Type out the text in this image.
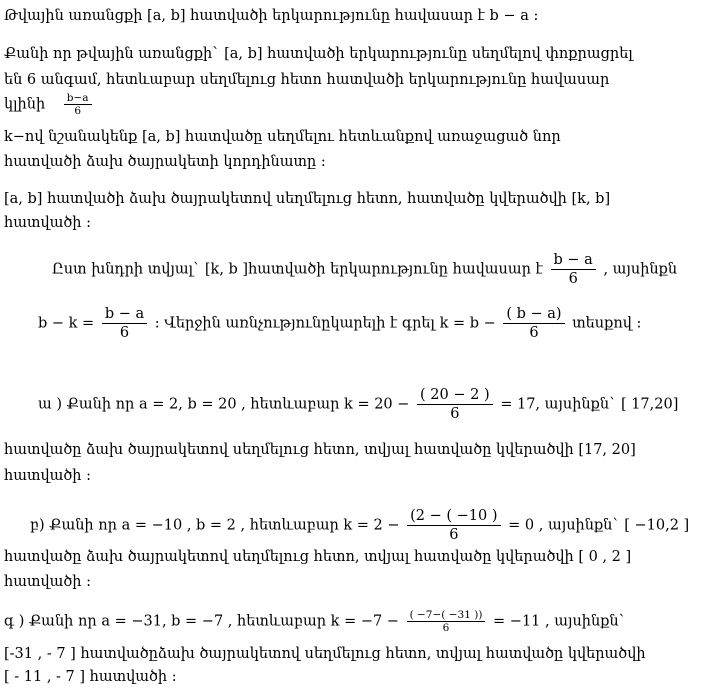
Թվային առանցքի [a, b] հատվածի երկարությունը հավասար է b − a :
Քանի որ թվային առանցքի` [a, b] հատվածի երկարությունը սեղմելով փոքրացրել
են 6 անգամ, հետևաբար սեղմելուց հետո հատվածի երկարությունը հավասար
կլինի $\frac{b-a}{6}$
k−ով նշանակենք [a, b] հատվածը սեղմելու հետևանքով առաջացած նոր
հատվածի ձախ ծայրակետի կորդինատը :
[a, b] հատվածի ձախ ծայրակետով սեղմելուց հետո, հատվածը կվերածվի [k, b]
հատվածի :
Ըստ խնդրի տվյալ` [k, b ]հատվածի երկարությունը հավասար է $\frac{b - a}{6}$ , այսինքն
$b - k = \frac{b - a}{6}$ : Վերջին առնչությունըկարելի է գրել $k = b - \frac{( b - a)}{6}$ տեսքով :
ա ) Քանի որ a = 2, b = 20 , հետևաբար $k = 20 - \frac{( 20 - 2 )}{6} = 17$, այսինքն` [ 17,20]
հատվածը ձախ ծայրակետով սեղմելուց հետո, տվյալ հատվածը կվերածվի [17, 20]
հատվածի :
բ) Քանի որ a = −10 , b = 2 , հետևաբար $k = 2 - \frac{(2 - ( -10 )}{6} = 0$ , այսինքն` [ −10,2 ]
հատվածը ձախ ծայրակետով սեղմելուց հետո, տվյալ հատվածը կվերածվի [ 0 , 2 ]
հատվածի :
գ ) Քանի որ a = −31, b = −7 , հետևաբար $k = -7 - \frac{( -7-( -31 ))}{6} = -11$ , այսինքն`
[-31 , - 7 ] հատվածըձախ ծայրակետով սեղմելուց հետո, տվյալ հատվածը կվերածվի
[ - 11 , - 7 ] հատվածի :
